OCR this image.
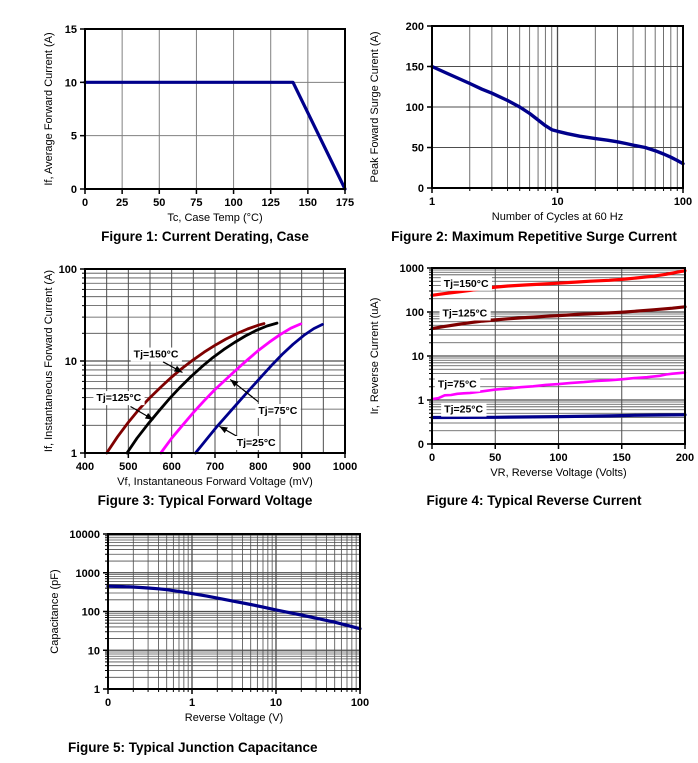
0	25 50 75 100 125 150 175
0
5
10
15
Tc, Case Temp (°C)
If, Average Forward Current (A)
Figure 1: Current Derating, Case
1	10	100
0
50
100
150
200
Number of Cycles at 60 Hz
Peak Foward Surge Curent (A)
Figure 2: Maximum Repetitive Surge Current
400 500 600 700 800 900 1000
1
10
100
Vf, Instantaneous Forward Voltage (mV)
If, Instantaneous Forward Current (A)	Tj=150°C
Tj=125°C
Tj=75°C
Tj=25°C
Figure 3: Typical Forward Voltage
0	50	100	150	200
0
1
10
100
1000
VR, Reverse Voltage (Volts)
Ir, Reverse Current (uA)
Tj=150°C
Tj=125°C
Tj=75°C
Tj=25°C
Figure 4: Typical Reverse Current
0	1	10	100
1
10
100
1000
10000
Reverse Voltage (V)
Capacitance (pF)
Figure 5: Typical Junction Capacitance
